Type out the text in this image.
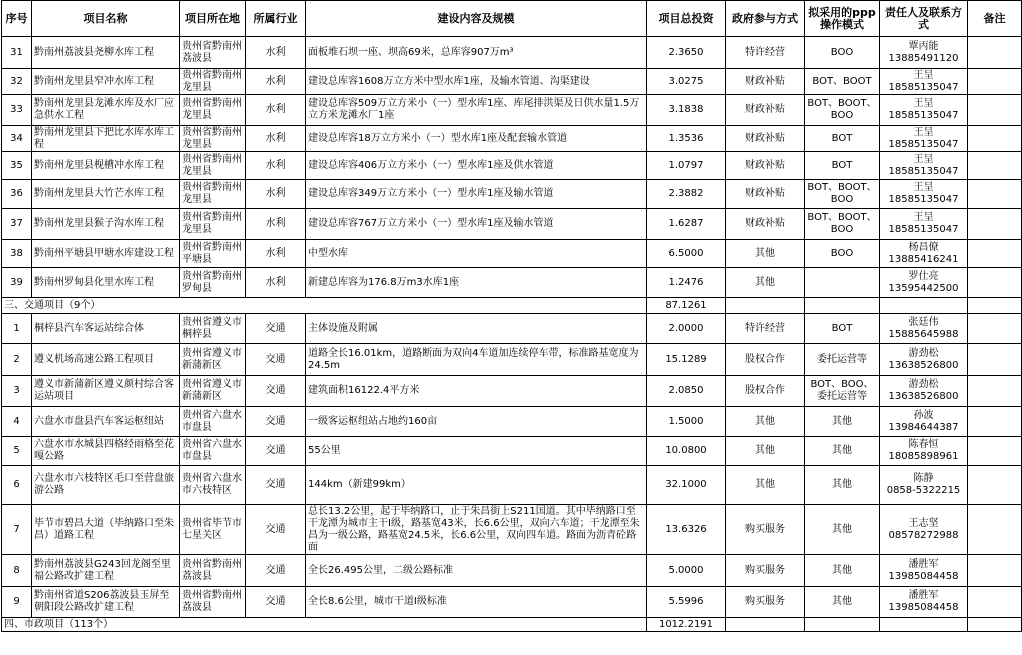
序号	项目名称	项目所在地	所属行业	建设内容及规模	项目总投资	政府参与方式	拟采用的ppp操作模式	责任人及联系方式	备注
31	黔南州荔波县尧柳水库工程	贵州省黔南州荔波县	水利	面板堆石坝一座、坝高69米，总库容907万m³	2.3650	特许经营	BOO	覃丙能
13885491120	

32	黔南州龙里县窄冲水库工程	贵州省黔南州龙里县	水利	建设总库容1608万立方米中型水库1座，及输水管道、沟渠建设	3.0275	财政补贴	BOT、BOOT	王呈
18585135047	

33	黔南州龙里县龙滩水库及水厂应急供水工程	贵州省黔南州龙里县	水利	建设总库容509万立方米小（一）型水库1座、库尾排洪渠及日供水量1.5万立方米龙滩水厂1座	3.1838	财政补贴	BOT、BOOT、BOO	王呈
18585135047	

34	黔南州龙里县下把比水库水库工程	贵州省黔南州龙里县	水利	建设总库容18万立方米小（一）型水库1座及配套输水管道	1.3536	财政补贴	BOT	王呈
18585135047	

35	黔南州龙里县枧槽冲水库工程	贵州省黔南州龙里县	水利	建设总库容406万立方米小（一）型水库1座及供水管道	1.0797	财政补贴	BOT	王呈
18585135047	

36	黔南州龙里县大竹芒水库工程	贵州省黔南州龙里县	水利	建设总库容349万立方米小（一）型水库1座及输水管道	2.3882	财政补贴	BOT、BOOT、BOO	王呈
18585135047	

37	黔南州龙里县猴子沟水库工程	贵州省黔南州龙里县	水利	建设总库容767万立方米小（一）型水库1座及输水管道	1.6287	财政补贴	BOT、BOOT、BOO	王呈
18585135047	

38	黔南州平塘县甲塘水库建设工程	贵州省黔南州平塘县	水利	中型水库	6.5000	其他	BOO	杨昌僚
13885416241	

39	黔南州罗甸县化里水库工程	贵州省黔南州罗甸县	水利	新建总库容为176.8万m3水库1座	1.2476	其他		罗仕亮
13595442500	

三、交通项目（9个）					87.1261				
1	桐梓县汽车客运站综合体	贵州省遵义市桐梓县	交通	主体设施及附属	2.0000	特许经营	BOT	张廷伟
15885645988	

2	遵义机场高速公路工程项目	贵州省遵义市新蒲新区	交通	道路全长16.01km，道路断面为双向4车道加连续停车带，标准路基宽度为24.5m	15.1289	股权合作	委托运营等	游劲松
13638526800	

3	遵义市新蒲新区遵义颜村综合客运站项目	贵州省遵义市新蒲新区	交通	建筑面积16122.4平方米	2.0850	股权合作	BOT、BOO、委托运营等	游劲松
13638526800	

4	六盘水市盘县汽车客运枢纽站	贵州省六盘水市盘县	交通	一级客运枢纽站占地约160亩	1.5000	其他	其他	孙波
13984644387	

5	六盘水市水城县四格经雨格至花嘎公路	贵州省六盘水市盘县	交通	55公里	10.0800	其他	其他	陈春恒
18085898961	

6	六盘水市六枝特区毛口至营盘旅游公路	贵州省六盘水市六枝特区	交通	144km（新建99km）	32.1000	其他	其他	陈静
0858-5322215	

7	毕节市碧昌大道（毕纳路口至朱昌）道路工程	贵州省毕节市七星关区	交通	总长13.2公里，起于毕纳路口，止于朱昌街上S211国道。其中毕纳路口至干龙潭为城市主干I级，路基宽43米，长6.6公里，双向六车道；干龙潭至朱昌为一级公路，路基宽24.5米，长6.6公里，双向四车道。路面为沥青砼路面	13.6326	购买服务	其他	王志坚
08578272988	

8	黔南州荔波县G243回龙阁至里福公路改扩建工程	贵州省黔南州荔波县	交通	全长26.495公里，二级公路标准	5.0000	购买服务	其他	潘胜军
13985084458	

9	黔南州省道S206荔波县玉屏至朝阳段公路改扩建工程	贵州省黔南州荔波县	交通	全长8.6公里，城市干道Ⅰ级标准	5.5996	购买服务	其他	潘胜军
13985084458	

四、市政项目（113个）					1012.2191				
